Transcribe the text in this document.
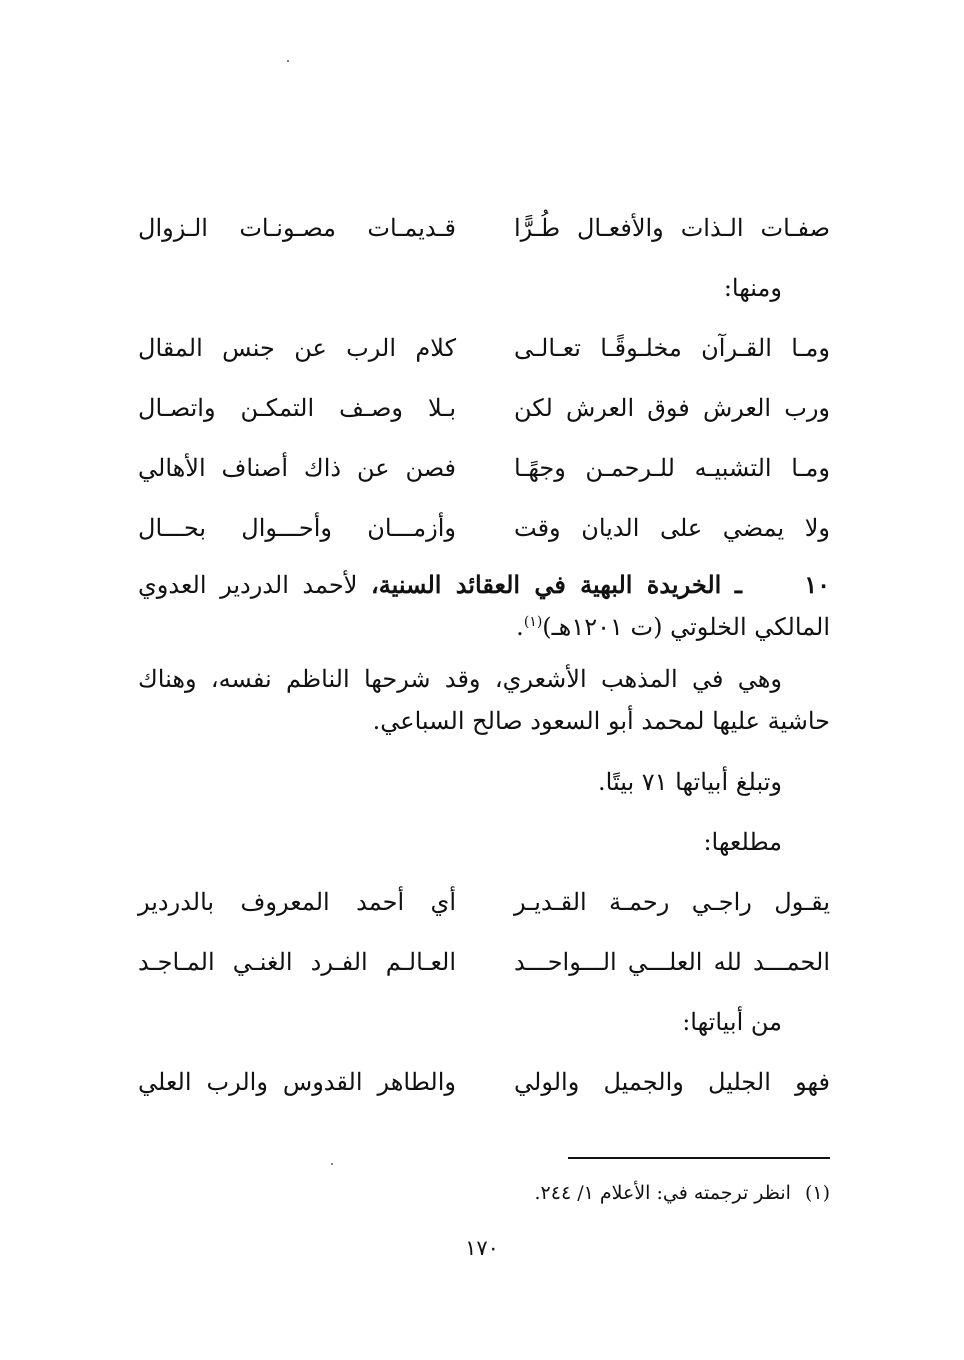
صفـات الـذات والأفعـال طُـرًّا
قـديمـات مصـونـات الـزوال
ومنها:
ومـا القـرآن مخلـوقًـا تعـالـى
كلام الرب عن جنس المقال
ورب العرش فوق العرش لكن
بـلا وصـف التمكـن واتصـال
ومـا التشبيـه للـرحمـن وجهًـا
فصن عن ذاك أصناف الأهالي
ولا يمضي على الديان وقت
وأزمـــان وأحـــوال بحـــال
١٠ ـ الخريدة البهية في العقائد السنية، لأحمد الدردير العدوي المالكي الخلوتي (ت ١٢٠١هـ)$^{(١)}$.
وهي في المذهب الأشعري، وقد شرحها الناظم نفسه، وهناك حاشية عليها لمحمد أبو السعود صالح السباعي.
وتبلغ أبياتها ٧١ بيتًا.
مطلعها:
يقـول راجـي رحمـة القـديـر
أي أحمد المعروف بالدردير
الحمـــد لله العلـــي الـــواحـــد
العـالـم الفـرد الغنـي المـاجـد
من أبياتها:
فهو الجليل والجميل والولي
والطاهر القدوس والرب العلي
(١)انظر ترجمته في: الأعلام ١/ ٢٤٤.
١٧٠
